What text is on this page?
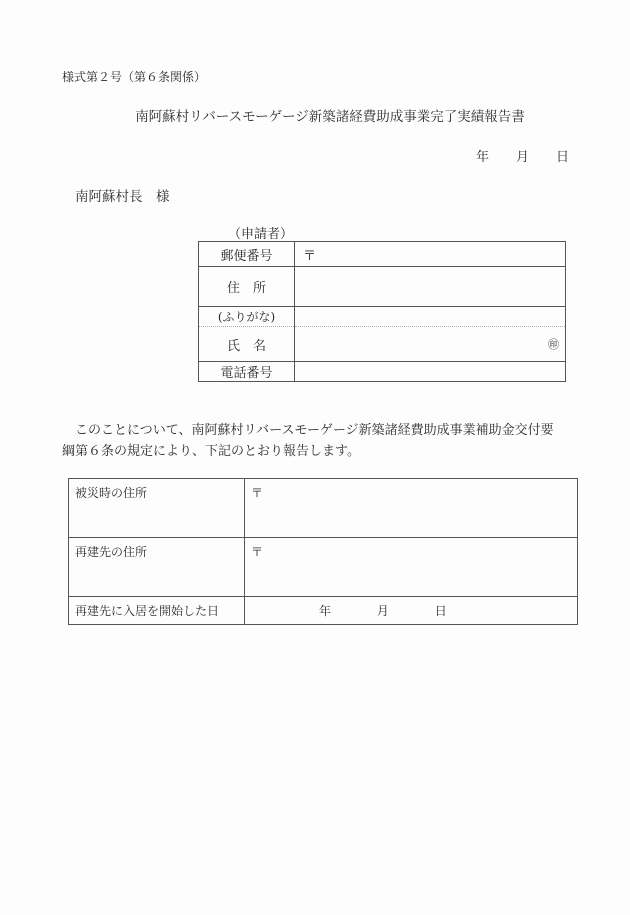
様式第２号（第６条関係）
南阿蘇村リバースモーゲージ新築諸経費助成事業完了実績報告書
年 月 日
南阿蘇村長　様
（申請者）
郵便番号	〒
住　所	
(ふりがな)	
氏　名	㊞

電話番号	

　このことについて、南阿蘇村リバースモーゲージ新築諸経費助成事業補助金交付要

綱第６条の規定により、下記のとおり報告します。

被災時の住所	〒
再建先の住所	〒
再建先に入居を開始した日	年 月 日
